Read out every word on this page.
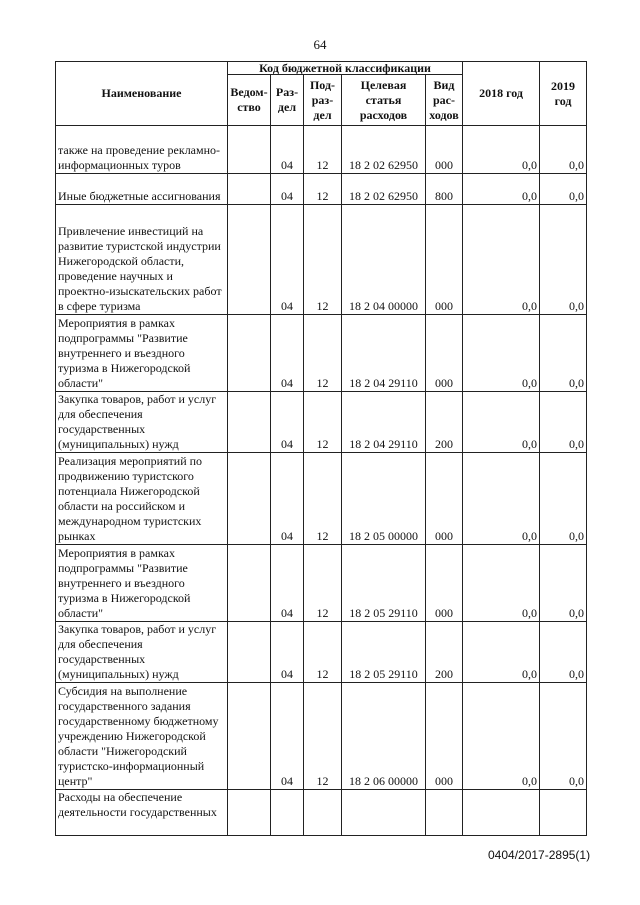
64
Наименование	Код бюджетной классификации					2018 год	2019 год
	Ведом-ство	Раз-дел	Под-раз-дел	Целевая статья расходов	Вид рас-ходов		
также на проведение рекламно-информационных туров		04	12	18 2 02 62950	000	0,0	0,0
Иные бюджетные ассигнования		04	12	18 2 02 62950	800	0,0	0,0
Привлечение инвестиций на развитие туристской индустрии Нижегородской области, проведение научных и проектно-изыскательских работ в сфере туризма		04	12	18 2 04 00000	000	0,0	0,0
Мероприятия в рамках подпрограммы "Развитие внутреннего и въездного туризма в Нижегородской области"		04	12	18 2 04 29110	000	0,0	0,0
Закупка товаров, работ и услуг для обеспечения государственных (муниципальных) нужд		04	12	18 2 04 29110	200	0,0	0,0
Реализация мероприятий по продвижению туристского потенциала Нижегородской области на российском и международном туристских рынках		04	12	18 2 05 00000	000	0,0	0,0
Мероприятия в рамках подпрограммы "Развитие внутреннего и въездного туризма в Нижегородской области"		04	12	18 2 05 29110	000	0,0	0,0
Закупка товаров, работ и услуг для обеспечения государственных (муниципальных) нужд		04	12	18 2 05 29110	200	0,0	0,0
Субсидия на выполнение государственного задания государственному бюджетному учреждению Нижегородской области "Нижегородский туристско-информационный центр"		04	12	18 2 06 00000	000	0,0	0,0
Расходы на обеспечение деятельности государственных							
0404/2017-2895(1)
